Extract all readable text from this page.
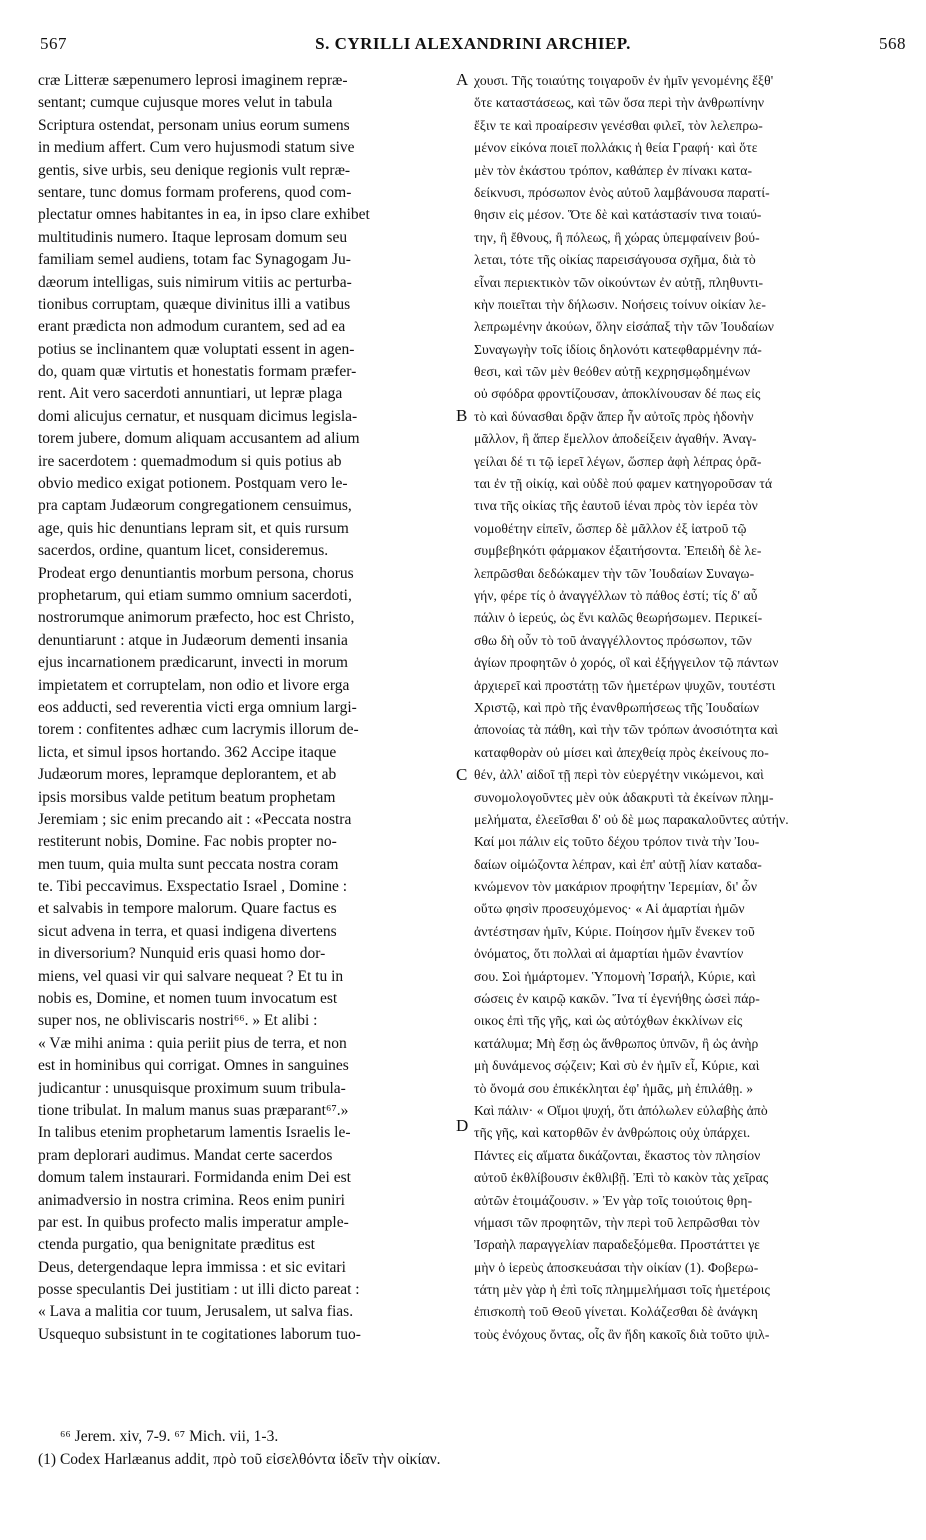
567	S. CYRILLI ALEXANDRINI ARCHIEP.	568
cræ Litteræ sæpenumero leprosi imaginem repræ-
sentant; cumque cujusque mores velut in tabula
Scriptura ostendat, personam unius eorum sumens
in medium affert. Cum vero hujusmodi statum sive
gentis, sive urbis, seu denique regionis vult repræ-
sentare, tunc domus formam proferens, quod com-
plectatur omnes habitantes in ea, in ipso clare exhibet
multitudinis numero. Itaque leprosam domum seu
familiam semel audiens, totam fac Synagogam Ju-
dæorum intelligas, suis nimirum vitiis ac perturba-
tionibus corruptam, quæque divinitus illi a vatibus
erant prædicta non admodum curantem, sed ad ea
potius se inclinantem quæ voluptati essent in agen-
do, quam quæ virtutis et honestatis formam præfer-
rent. Ait vero sacerdoti annuntiari, ut lepræ plaga
domi alicujus cernatur, et nusquam dicimus legisla-
torem jubere, domum aliquam accusantem ad alium
ire sacerdotem : quemadmodum si quis potius ab
obvio medico exigat potionem. Postquam vero le-
pra captam Judæorum congregationem censuimus,
age, quis hic denuntians lepram sit, et quis rursum
sacerdos, ordine, quantum licet, consideremus.
Prodeat ergo denuntiantis morbum persona, chorus
prophetarum, qui etiam summo omnium sacerdoti,
nostrorumque animorum præfecto, hoc est Christo,
denuntiarunt : atque in Judæorum dementi insania
ejus incarnationem prædicarunt, invecti in morum
impietatem et corruptelam, non odio et livore erga
eos adducti, sed reverentia victi erga omnium largi-
torem : confitentes adhæc cum lacrymis illorum de-
licta, et simul ipsos hortando. 362 Accipe itaque
Judæorum mores, lepramque deplorantem, et ab
ipsis morsibus valde petitum beatum prophetam
Jeremiam ; sic enim precando ait : «Peccata nostra
restiterunt nobis, Domine. Fac nobis propter no-
men tuum, quia multa sunt peccata nostra coram
te. Tibi peccavimus. Exspectatio Israel , Domine :
et salvabis in tempore malorum. Quare factus es
sicut advena in terra, et quasi indigena divertens
in diversorium? Nunquid eris quasi homo dor-
miens, vel quasi vir qui salvare nequeat ? Et tu in
nobis es, Domine, et nomen tuum invocatum est
super nos, ne obliviscaris nostri⁶⁶. » Et alibi :
« Væ mihi anima : quia periit pius de terra, et non
est in hominibus qui corrigat. Omnes in sanguines
judicantur : unusquisque proximum suum tribula-
tione tribulat. In malum manus suas præparant⁶⁷.»
In talibus etenim prophetarum lamentis Israelis le-
pram deplorari audimus. Mandat certe sacerdos
domum talem instaurari. Formidanda enim Dei est
animadversio in nostra crimina. Reos enim puniri
par est. In quibus profecto malis imperatur ample-
ctenda purgatio, qua benignitate præditus est
Deus, detergendaque lepra immissa : et sic evitari
posse speculantis Dei justitiam : ut illi dicto pareat :
« Lava a malitia cor tuum, Jerusalem, ut salva fias.
Usquequo subsistunt in te cogitationes laborum tuo-
χουσι. Τῆς τοιαύτης τοιγαροῦν ἐν ἡμῖν γενομένης ἕξθ'
ὅτε καταστάσεως, καὶ τῶν ὅσα περὶ τὴν ἀνθρωπίνην
ἔξιν τε καὶ προαίρεσιν γενέσθαι φιλεῖ, τὸν λελεπρω-
μένον εἰκόνα ποιεῖ πολλάκις ἡ θεία Γραφή· καὶ ὅτε
μὲν τὸν ἑκάστου τρόπον, καθάπερ ἐν πίνακι κατα-
δείκνυσι, πρόσωπον ἑνὸς αὐτοῦ λαμβάνουσα παρατί-
θησιν εἰς μέσον. Ὅτε δὲ καὶ κατάστασίν τινα τοιαύ-
την, ἢ ἔθνους, ἢ πόλεως, ἢ χώρας ὑπεμφαίνειν βού-
λεται, τότε τῆς οἰκίας παρεισάγουσα σχῆμα, διὰ τὸ
εἶναι περιεκτικὸν τῶν οἰκούντων ἐν αὐτῇ, πληθυντι-
κὴν ποιεῖται τὴν δήλωσιν. Νοήσεις τοίνυν οἰκίαν λε-
λεπρωμένην ἀκούων, ὅλην εἰσάπαξ τὴν τῶν Ἰουδαίων
Συναγωγὴν τοῖς ἰδίοις δηλονότι κατεφθαρμένην πά-
θεσι, καὶ τῶν μὲν θεόθεν αὐτῇ κεχρησμῳδημένων
οὐ σφόδρα φροντίζουσαν, ἀποκλίνουσαν δέ πως εἰς
τὸ καὶ δύνασθαι δρᾷν ἅπερ ἦν αὐτοῖς πρὸς ἡδονὴν
μᾶλλον, ἢ ἅπερ ἔμελλον ἀποδείξειν ἀγαθήν. Ἀναγ-
γείλαι δέ τι τῷ ἱερεῖ λέγων, ὥσπερ ἀφὴ λέπρας ὁρᾶ-
ται ἐν τῇ οἰκίᾳ, καὶ οὐδὲ πού φαμεν κατηγοροῦσαν τά
τινα τῆς οἰκίας τῆς ἑαυτοῦ ἰέναι πρὸς τὸν ἱερέα τὸν
νομοθέτην εἰπεῖν, ὥσπερ δὲ μᾶλλον ἐξ ἰατροῦ τῷ
συμβεβηκότι φάρμακον ἐξαιτήσοντα. Ἐπειδὴ δὲ λε-
λεπρῶσθαι δεδώκαμεν τὴν τῶν Ἰουδαίων Συναγω-
γήν, φέρε τίς ὁ ἀναγγέλλων τὸ πάθος ἐστί; τίς δ' αὖ
πάλιν ὁ ἱερεύς, ὡς ἔνι καλῶς θεωρήσωμεν. Περικεί-
σθω δὴ οὖν τὸ τοῦ ἀναγγέλλοντος πρόσωπον, τῶν
ἁγίων προφητῶν ὁ χορός, οἳ καὶ ἐξήγγειλον τῷ πάντων
ἀρχιερεῖ καὶ προστάτῃ τῶν ἡμετέρων ψυχῶν, τουτέστι
Χριστῷ, καὶ πρὸ τῆς ἐνανθρωπήσεως τῆς Ἰουδαίων
ἀπονοίας τὰ πάθη, καὶ τὴν τῶν τρόπων ἀνοσιότητα καὶ
καταφθορὰν οὐ μίσει καὶ ἀπεχθείᾳ πρὸς ἐκείνους πο-
θέν, ἀλλ' αἰδοῖ τῇ περὶ τὸν εὐεργέτην νικώμενοι, καὶ
συνομολογοῦντες μὲν οὐκ ἀδακρυτὶ τὰ ἐκείνων πλημ-
μελήματα, ἐλεεῖσθαι δ' οὐ δὲ μως παρακαλοῦντες αὐτήν.
Καί μοι πάλιν εἰς τοῦτο δέχου τρόπον τινὰ τὴν Ἰου-
δαίων οἰμώζοντα λέπραν, καὶ ἐπ' αὐτῇ λίαν καταδα-
κνώμενον τὸν μακάριον προφήτην Ἱερεμίαν, δι' ὧν
οὕτω φησὶν προσευχόμενος· « Αἱ ἁμαρτίαι ἡμῶν
ἀντέστησαν ἡμῖν, Κύριε. Ποίησον ἡμῖν ἕνεκεν τοῦ
ὀνόματος, ὅτι πολλαὶ αἱ ἁμαρτίαι ἡμῶν ἐναντίον
σου. Σοὶ ἡμάρτομεν. Ὑπομονὴ Ἰσραήλ, Κύριε, καὶ
σώσεις ἐν καιρῷ κακῶν. Ἵνα τί ἐγενήθης ὡσεὶ πάρ-
οικος ἐπὶ τῆς γῆς, καὶ ὡς αὐτόχθων ἐκκλίνων εἰς
κατάλυμα; Μὴ ἔσῃ ὡς ἄνθρωπος ὑπνῶν, ἢ ὡς ἀνὴρ
μὴ δυνάμενος σῴζειν; Καὶ σὺ ἐν ἡμῖν εἶ, Κύριε, καὶ
τὸ ὄνομά σου ἐπικέκληται ἐφ' ἡμᾶς, μὴ ἐπιλάθῃ. »
Καὶ πάλιν· « Οἴμοι ψυχή, ὅτι ἀπόλωλεν εὐλαβὴς ἀπὸ
τῆς γῆς, καὶ κατορθῶν ἐν ἀνθρώποις οὐχ ὑπάρχει.
Πάντες εἰς αἵματα δικάζονται, ἕκαστος τὸν πλησίον
αὐτοῦ ἐκθλίβουσιν ἐκθλιβῇ. Ἐπὶ τὸ κακὸν τὰς χεῖρας
αὐτῶν ἑτοιμάζουσιν. » Ἐν γὰρ τοῖς τοιούτοις θρη-
νήμασι τῶν προφητῶν, τὴν περὶ τοῦ λεπρῶσθαι τὸν
Ἰσραὴλ παραγγελίαν παραδεξόμεθα. Προστάττει γε
μὴν ὁ ἱερεὺς ἀποσκευάσαι τὴν οἰκίαν (1). Φοβερω-
τάτη μὲν γὰρ ἡ ἐπὶ τοῖς πλημμελήμασι τοῖς ἡμετέροις
ἐπισκοπὴ τοῦ Θεοῦ γίνεται. Κολάζεσθαι δὲ ἀνάγκη
τοὺς ἐνόχους ὄντας, οἷς ἂν ἤδη κακοῖς διὰ τοῦτο ψιλ-
A
B
C
D
⁶⁶ Jerem. xiv, 7-9. ⁶⁷ Mich. vii, 1-3.
(1) Codex Harlæanus addit, πρὸ τοῦ εἰσελθόντα ἰδεῖν τὴν οἰκίαν.
